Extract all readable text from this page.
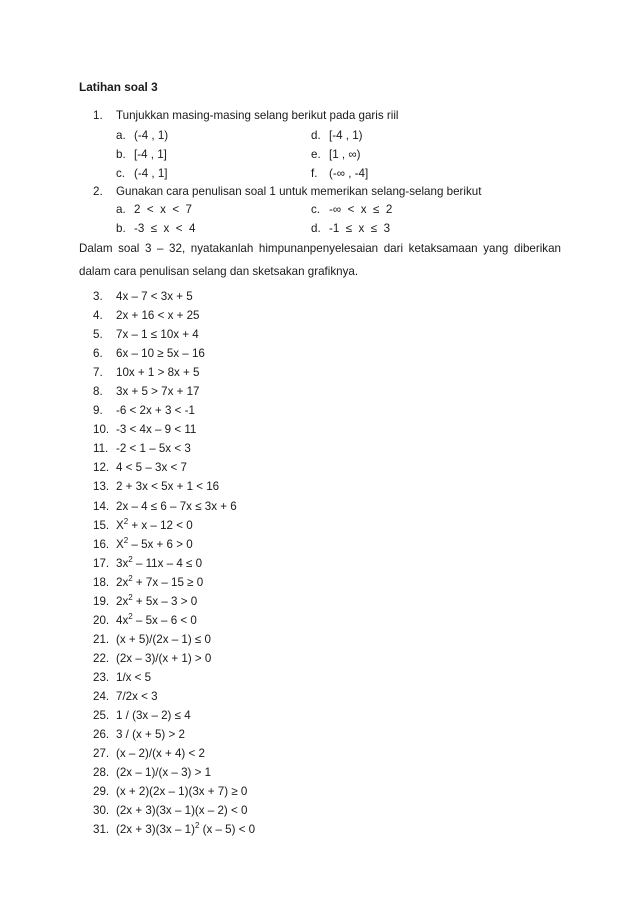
Latihan soal 3
1. Tunjukkan masing-masing selang berikut pada garis riil
a. (-4 , 1)	d. [-4 , 1)
b. [-4 , 1]	e. [1 , ∞)
c. (-4 , 1]	f. (-∞ , -4]
2. Gunakan cara penulisan soal 1 untuk memerikan selang-selang berikut
a. 2  <  x  <  7	c. -∞  <  x  ≤  2
b. -3  ≤  x  <  4	d. -1  ≤  x  ≤  3
Dalam soal 3 – 32, nyatakanlah himpunanpenyelesaian dari ketaksamaan yang diberikan dalam cara penulisan selang dan sketsakan grafiknya.
3. 4x – 7 < 3x + 5
4. 2x + 16 < x + 25
5. 7x – 1 ≤ 10x + 4
6. 6x – 10 ≥ 5x – 16
7. 10x + 1 > 8x + 5
8. 3x + 5 > 7x + 17
9. -6 < 2x + 3 < -1
10. -3 < 4x – 9 < 11
11. -2 < 1 – 5x < 3
12. 4 < 5 – 3x < 7
13. 2 + 3x < 5x + 1 < 16
14. 2x – 4 ≤ 6 – 7x ≤ 3x + 6
15. $X^2 + x - 12 < 0$
16. $X^2 - 5x + 6 > 0$
17. $3x^2 - 11x - 4 \le 0$
18. $2x^2 + 7x - 15 \ge 0$
19. $2x^2 + 5x - 3 > 0$
20. $4x^2 - 5x - 6 < 0$
21. (x + 5)/(2x – 1) ≤ 0
22. (2x – 3)/(x + 1) > 0
23. 1/x < 5
24. 7/2x < 3
25. 1 / (3x – 2) ≤ 4
26. 3 / (x + 5) > 2
27. (x – 2)/(x + 4) < 2
28. (2x – 1)/(x – 3) > 1
29. (x + 2)(2x – 1)(3x + 7) ≥ 0
30. (2x + 3)(3x – 1)(x – 2) < 0
31. (2x + 3)(3x – 1)$^2$ (x – 5) < 0
